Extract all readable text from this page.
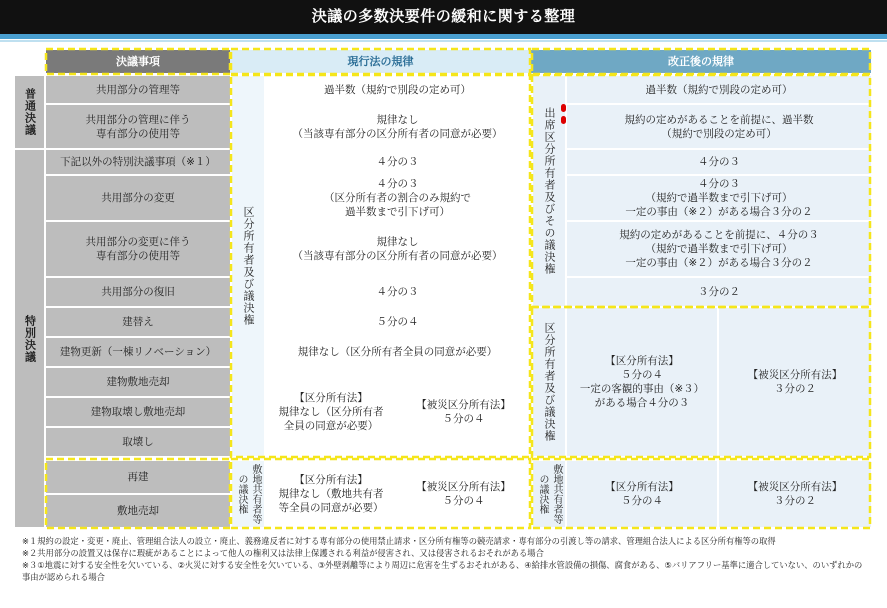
決議の多数決要件の緩和に関する整理
決議事項	現行法の規律	改正後の規律
普通決議
特別決議
共用部分の管理等
共用部分の管理に伴う
専有部分の使用等
下記以外の特別決議事項（※１）
共用部分の変更
共用部分の変更に伴う
専有部分の使用等
共用部分の復旧
建替え
建物更新（一棟リノベーション）
建物敷地売却
建物取壊し敷地売却
取壊し
再建
敷地売却
区分所有者及び議決権
敷地共有者等の議決権
過半数（規約で別段の定め可）
規律なし
（当該専有部分の区分所有者の同意が必要）
４分の３
４分の３
（区分所有者の割合のみ規約で
過半数まで引下げ可）
規律なし
（当該専有部分の区分所有者の同意が必要）
４分の３
５分の４
規律なし（区分所有者全員の同意が必要）
【区分所有法】
規律なし（区分所有者
全員の同意が必要）
【被災区分所有法】
５分の４
【区分所有法】
規律なし（敷地共有者
等全員の同意が必要）
【被災区分所有法】
５分の４
出席区分所有者及びその議決権
区分所有者及び議決権
敷地共有者等の議決権
過半数（規約で別段の定め可）
規約の定めがあることを前提に、過半数
（規約で別段の定め可）
４分の３
４分の３
（規約で過半数まで引下げ可）
一定の事由（※２）がある場合３分の２
規約の定めがあることを前提に、４分の３
（規約で過半数まで引下げ可）
一定の事由（※２）がある場合３分の２
３分の２
【区分所有法】
５分の４
一定の客観的事由（※３）
がある場合４分の３
【被災区分所有法】
３分の２
【区分所有法】
５分の４
【被災区分所有法】
３分の２

※１規約の設定・変更・廃止、管理組合法人の設立・廃止、義務違反者に対する専有部分の使用禁止請求・区分所有権等の競売請求・専有部分の引渡し等の請求、管理組合法人による区分所有権等の取得

※２共用部分の設置又は保存に瑕疵があることによって他人の権利又は法律上保護される利益が侵害され、又は侵害されるおそれがある場合

※３①地震に対する安全性を欠いている、②火災に対する安全性を欠いている、③外壁剥離等により周辺に危害を生ずるおそれがある、④給排水管設備の損傷、腐食がある、⑤バリアフリー基準に適合していない、のいずれかの事由が認められる場合
